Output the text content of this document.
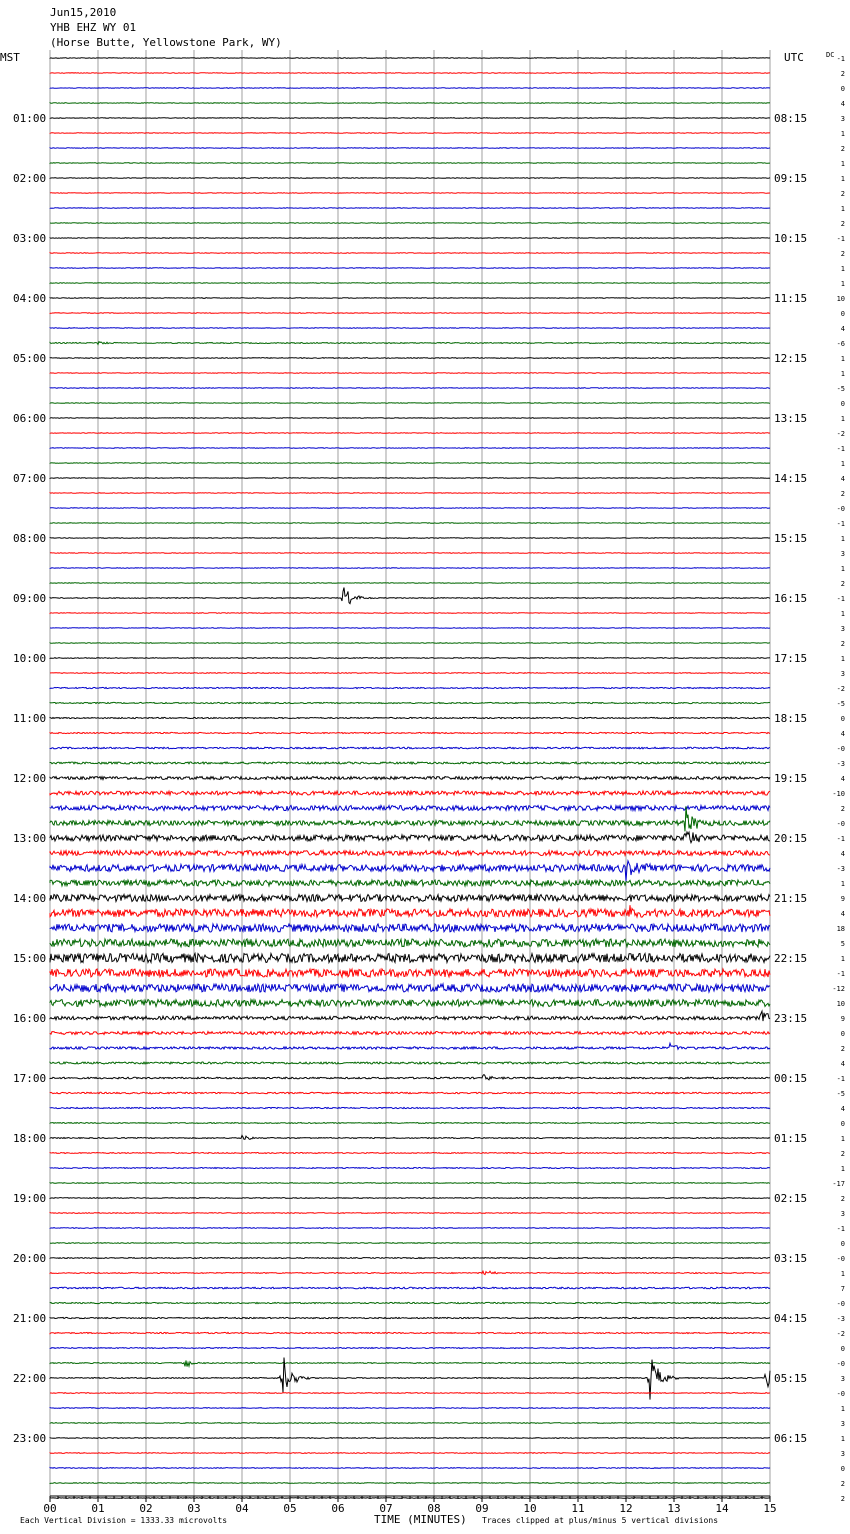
Jun15,2010
YHB EHZ WY 01
(Horse Butte, Yellowstone Park, WY)
MST	UTC	DC
01:00
02:00
03:00
04:00
05:00
06:00
07:00
08:00
09:00
10:00
11:00
12:00
13:00
14:00
15:00
16:00
17:00
18:00
19:00
20:00
21:00
22:00
23:00
08:15
09:15
10:15
11:15
12:15
13:15
14:15
15:15
16:15
17:15
18:15
19:15
20:15
21:15
22:15
23:15
00:15
01:15
02:15
03:15
04:15
05:15
06:15
-1
2
0
4
3
1
2
1
1
2
1
2
-1
2
1
1
10
0
4
-6
1
1
-5
0
1
-2
-1
1
4
2
-0
-1
1
3
1
2
-1
1
3
2
1
3
-2
-5
0
4
-0
-3
4
-10
2
-0
-1
4
-3
1
9
4
18
5
1
-1
-12
10
9
0
2
4
-1
-5
4
0
1
2
1
-17
2
3
-1
0
-0
1
7
-0
-3
-2
0
-0
3
-0
1
3
1
3
0
2
2
00	01	02	03	04	05	06	07	08	09	10	11	12	13	14	15
Each Vertical Division = 1333.33 microvolts	TIME (MINUTES) Traces clipped at plus/minus 5 vertical divisions
